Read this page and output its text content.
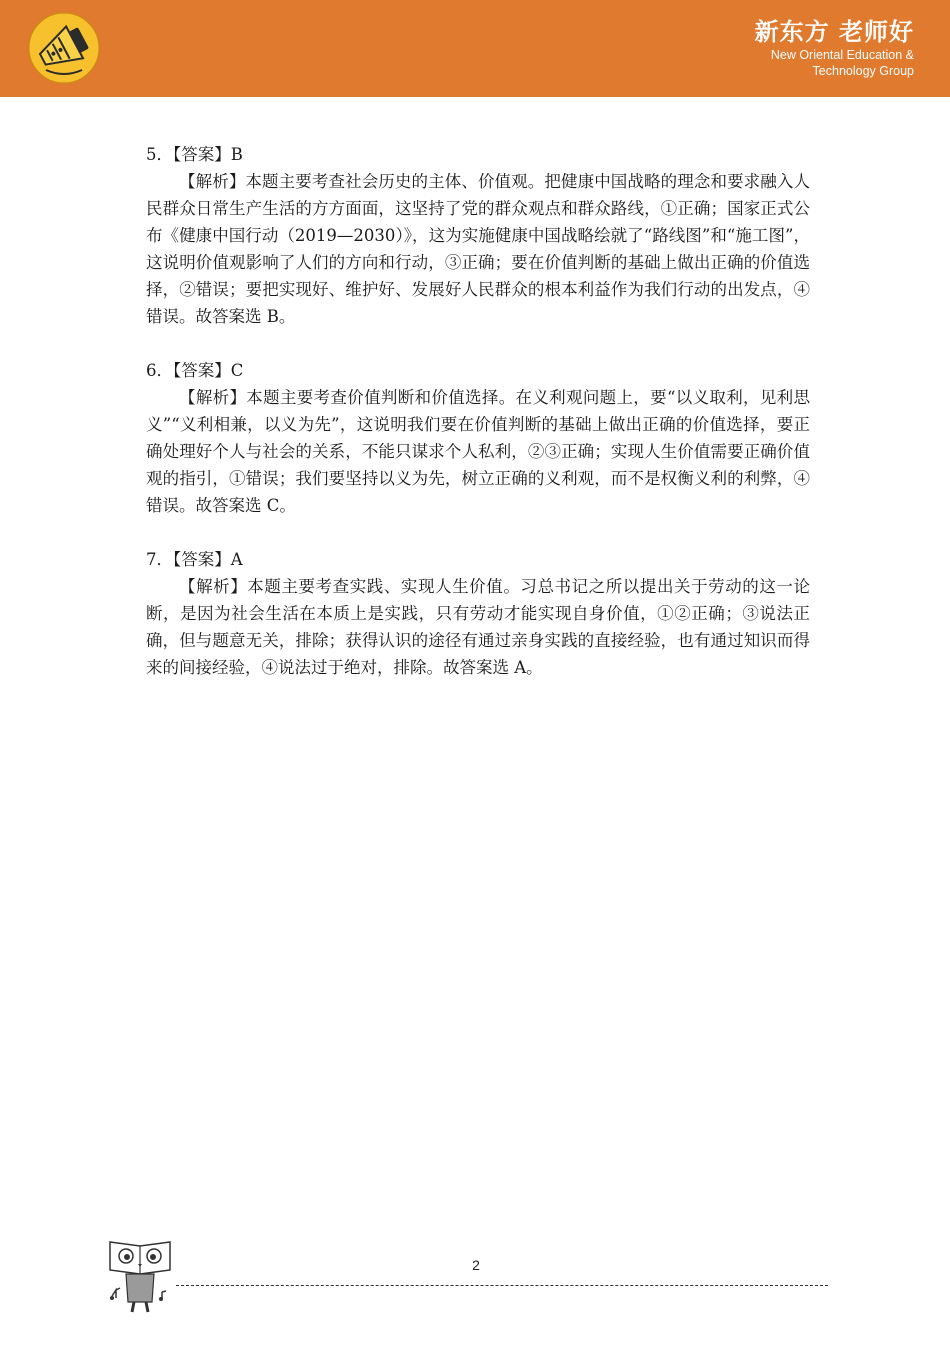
新东方 老师好
New Oriental Education &
Technology Group

5．【答案】B

【解析】本题主要考查社会历史的主体、价值观。把健康中国战略的理念和要求融入人民群众日常生产生活的方方面面，这坚持了党的群众观点和群众路线，①正确；国家正式公布《健康中国行动（2019—2030）》，这为实施健康中国战略绘就了“路线图”和“施工图”，这说明价值观影响了人们的方向和行动，③正确；要在价值判断的基础上做出正确的价值选择，②错误；要把实现好、维护好、发展好人民群众的根本利益作为我们行动的出发点，④错误。故答案选 B。

6．【答案】C

【解析】本题主要考查价值判断和价值选择。在义利观问题上，要“以义取利，见利思义”“义利相兼，以义为先”，这说明我们要在价值判断的基础上做出正确的价值选择，要正确处理好个人与社会的关系，不能只谋求个人私利，②③正确；实现人生价值需要正确价值观的指引，①错误；我们要坚持以义为先，树立正确的义利观，而不是权衡义利的利弊，④错误。故答案选 C。

7．【答案】A

【解析】本题主要考查实践、实现人生价值。习总书记之所以提出关于劳动的这一论断，是因为社会生活在本质上是实践，只有劳动才能实现自身价值，①②正确；③说法正确，但与题意无关，排除；获得认识的途径有通过亲身实践的直接经验，也有通过知识而得来的间接经验，④说法过于绝对，排除。故答案选 A。

2
